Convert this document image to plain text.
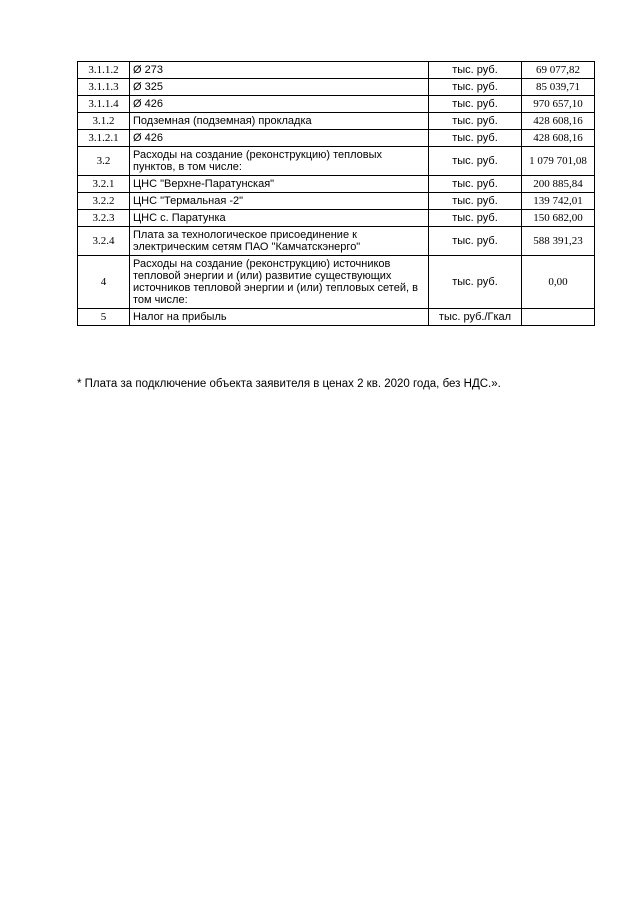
3.1.1.2	Ø 273	тыс. руб.	69 077,82
3.1.1.3	Ø 325	тыс. руб.	85 039,71
3.1.1.4	Ø 426	тыс. руб.	970 657,10
3.1.2	Подземная (подземная) прокладка	тыс. руб.	428 608,16
3.1.2.1	Ø 426	тыс. руб.	428 608,16
3.2	Расходы на создание (реконструкцию) тепловых пунктов, в том числе:	тыс. руб.	1 079 701,08
3.2.1	ЦНС "Верхне-Паратунская"	тыс. руб.	200 885,84
3.2.2	ЦНС "Термальная -2"	тыс. руб.	139 742,01
3.2.3	ЦНС с. Паратунка	тыс. руб.	150 682,00
3.2.4	Плата за технологическое присоединение к электрическим сетям ПАО "Камчатскэнерго"	тыс. руб.	588 391,23
4	Расходы на создание (реконструкцию) источников тепловой энергии и (или) развитие существующих источников тепловой энергии и (или) тепловых сетей, в том числе:	тыс. руб.	0,00
5	Налог на прибыль	тыс. руб./Гкал	
* Плата за подключение объекта заявителя в ценах 2 кв. 2020 года, без НДС.».
